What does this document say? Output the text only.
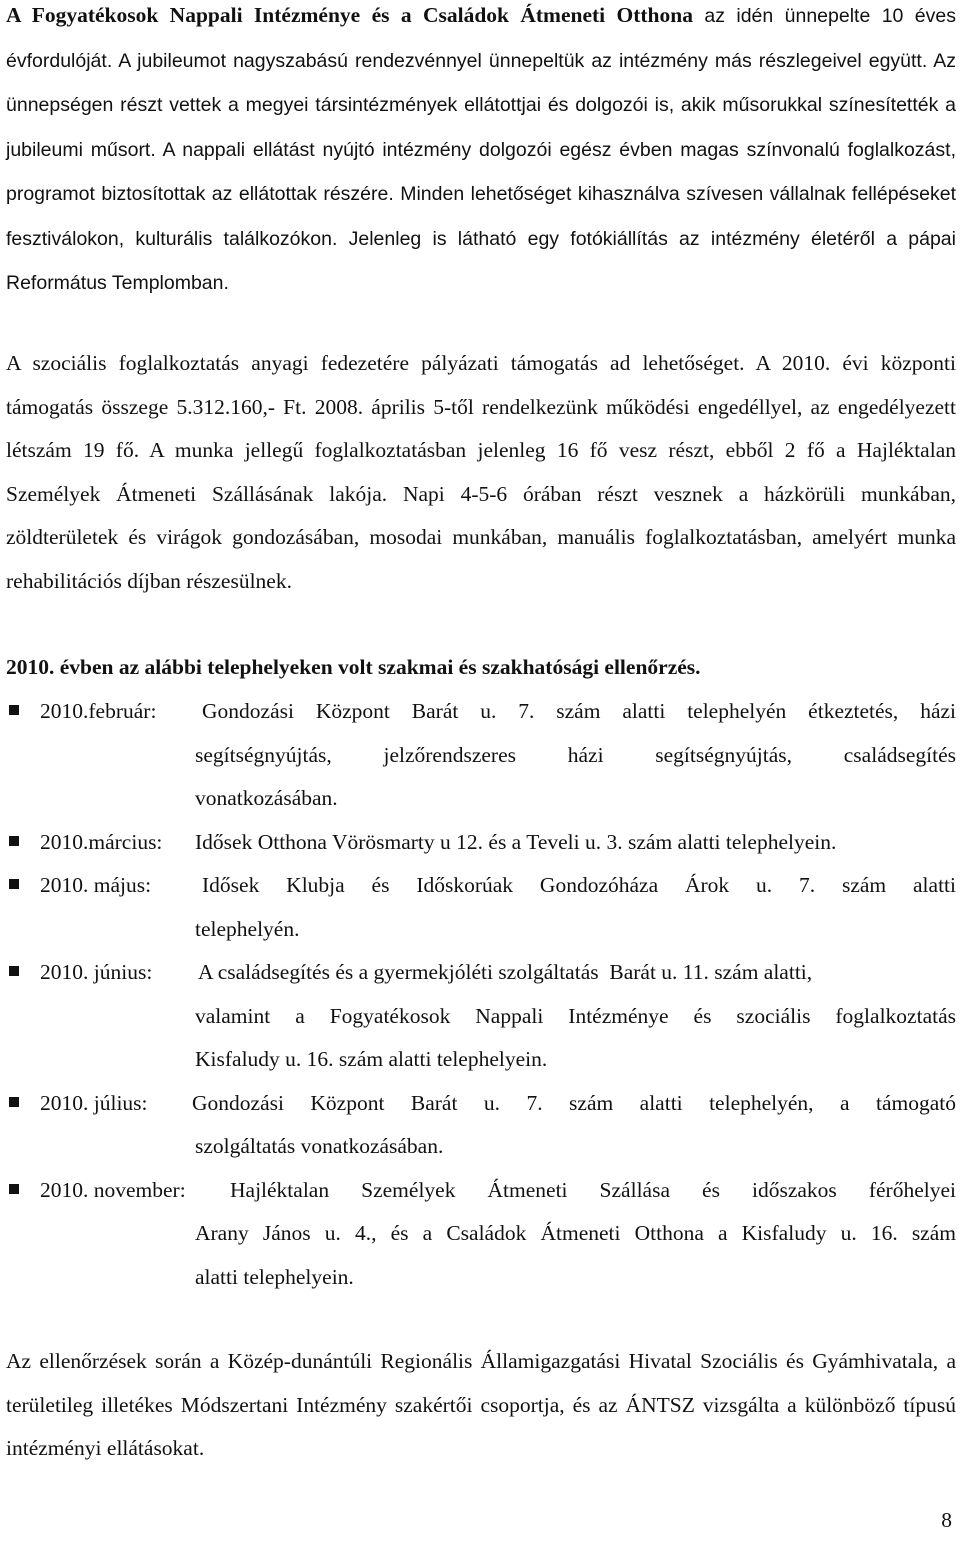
A Fogyatékosok Nappali Intézménye és a Családok Átmeneti Otthona az idén ünnepelte 10 éves évfordulóját. A jubileumot nagyszabású rendezvénnyel ünnepeltük az intézmény más részlegeivel együtt. Az ünnepségen részt vettek a megyei társintézmények ellátottjai és dolgozói is, akik műsorukkal színesítették a jubileumi műsort. A nappali ellátást nyújtó intézmény dolgozói egész évben magas színvonalú foglalkozást, programot biztosítottak az ellátottak részére. Minden lehetőséget kihasználva szívesen vállalnak fellépéseket fesztiválokon, kulturális találkozókon. Jelenleg is látható egy fotókiállítás az intézmény életéről a pápai Református Templomban.

A szociális foglalkoztatás anyagi fedezetére pályázati támogatás ad lehetőséget. A 2010. évi központi támogatás összege 5.312.160,- Ft. 2008. április 5-től rendelkezünk működési engedéllyel, az engedélyezett létszám 19 fő. A munka jellegű foglalkoztatásban jelenleg 16 fő vesz részt, ebből 2 fő a Hajléktalan Személyek Átmeneti Szállásának lakója. Napi 4-5-6 órában részt vesznek a házkörüli munkában, zöldterületek és virágok gondozásában, mosodai munkában, manuális foglalkoztatásban, amelyért munka rehabilitációs díjban részesülnek.

2010. évben az alábbi telephelyeken volt szakmai és szakhatósági ellenőrzés.
2010.február:	Gondozási Központ Barát u. 7. szám alatti telephelyén étkeztetés, házi
segítségnyújtás, jelzőrendszeres házi segítségnyújtás, családsegítés
vonatkozásában.
2010.március:	Idősek Otthona Vörösmarty u 12. és a Teveli u. 3. szám alatti telephelyein.
2010. május:	Idősek Klubja és Időskorúak Gondozóháza Árok u. 7. szám alatti
telephelyén.
2010. június:	A családsegítés és a gyermekjóléti szolgáltatás  Barát u. 11. szám alatti,
valamint a Fogyatékosok Nappali Intézménye és szociális foglalkoztatás
Kisfaludy u. 16. szám alatti telephelyein.
2010. július:	Gondozási Központ Barát u. 7. szám alatti telephelyén, a támogató
szolgáltatás vonatkozásában.
2010. november:	Hajléktalan Személyek Átmeneti Szállása és időszakos férőhelyei
Arany János u. 4., és a Családok Átmeneti Otthona a Kisfaludy u. 16. szám
alatti telephelyein.

Az ellenőrzések során a Közép-dunántúli Regionális Államigazgatási Hivatal Szociális és Gyámhivatala, a területileg illetékes Módszertani Intézmény szakértői csoportja, és az ÁNTSZ vizsgálta a különböző típusú intézményi ellátásokat.

8
